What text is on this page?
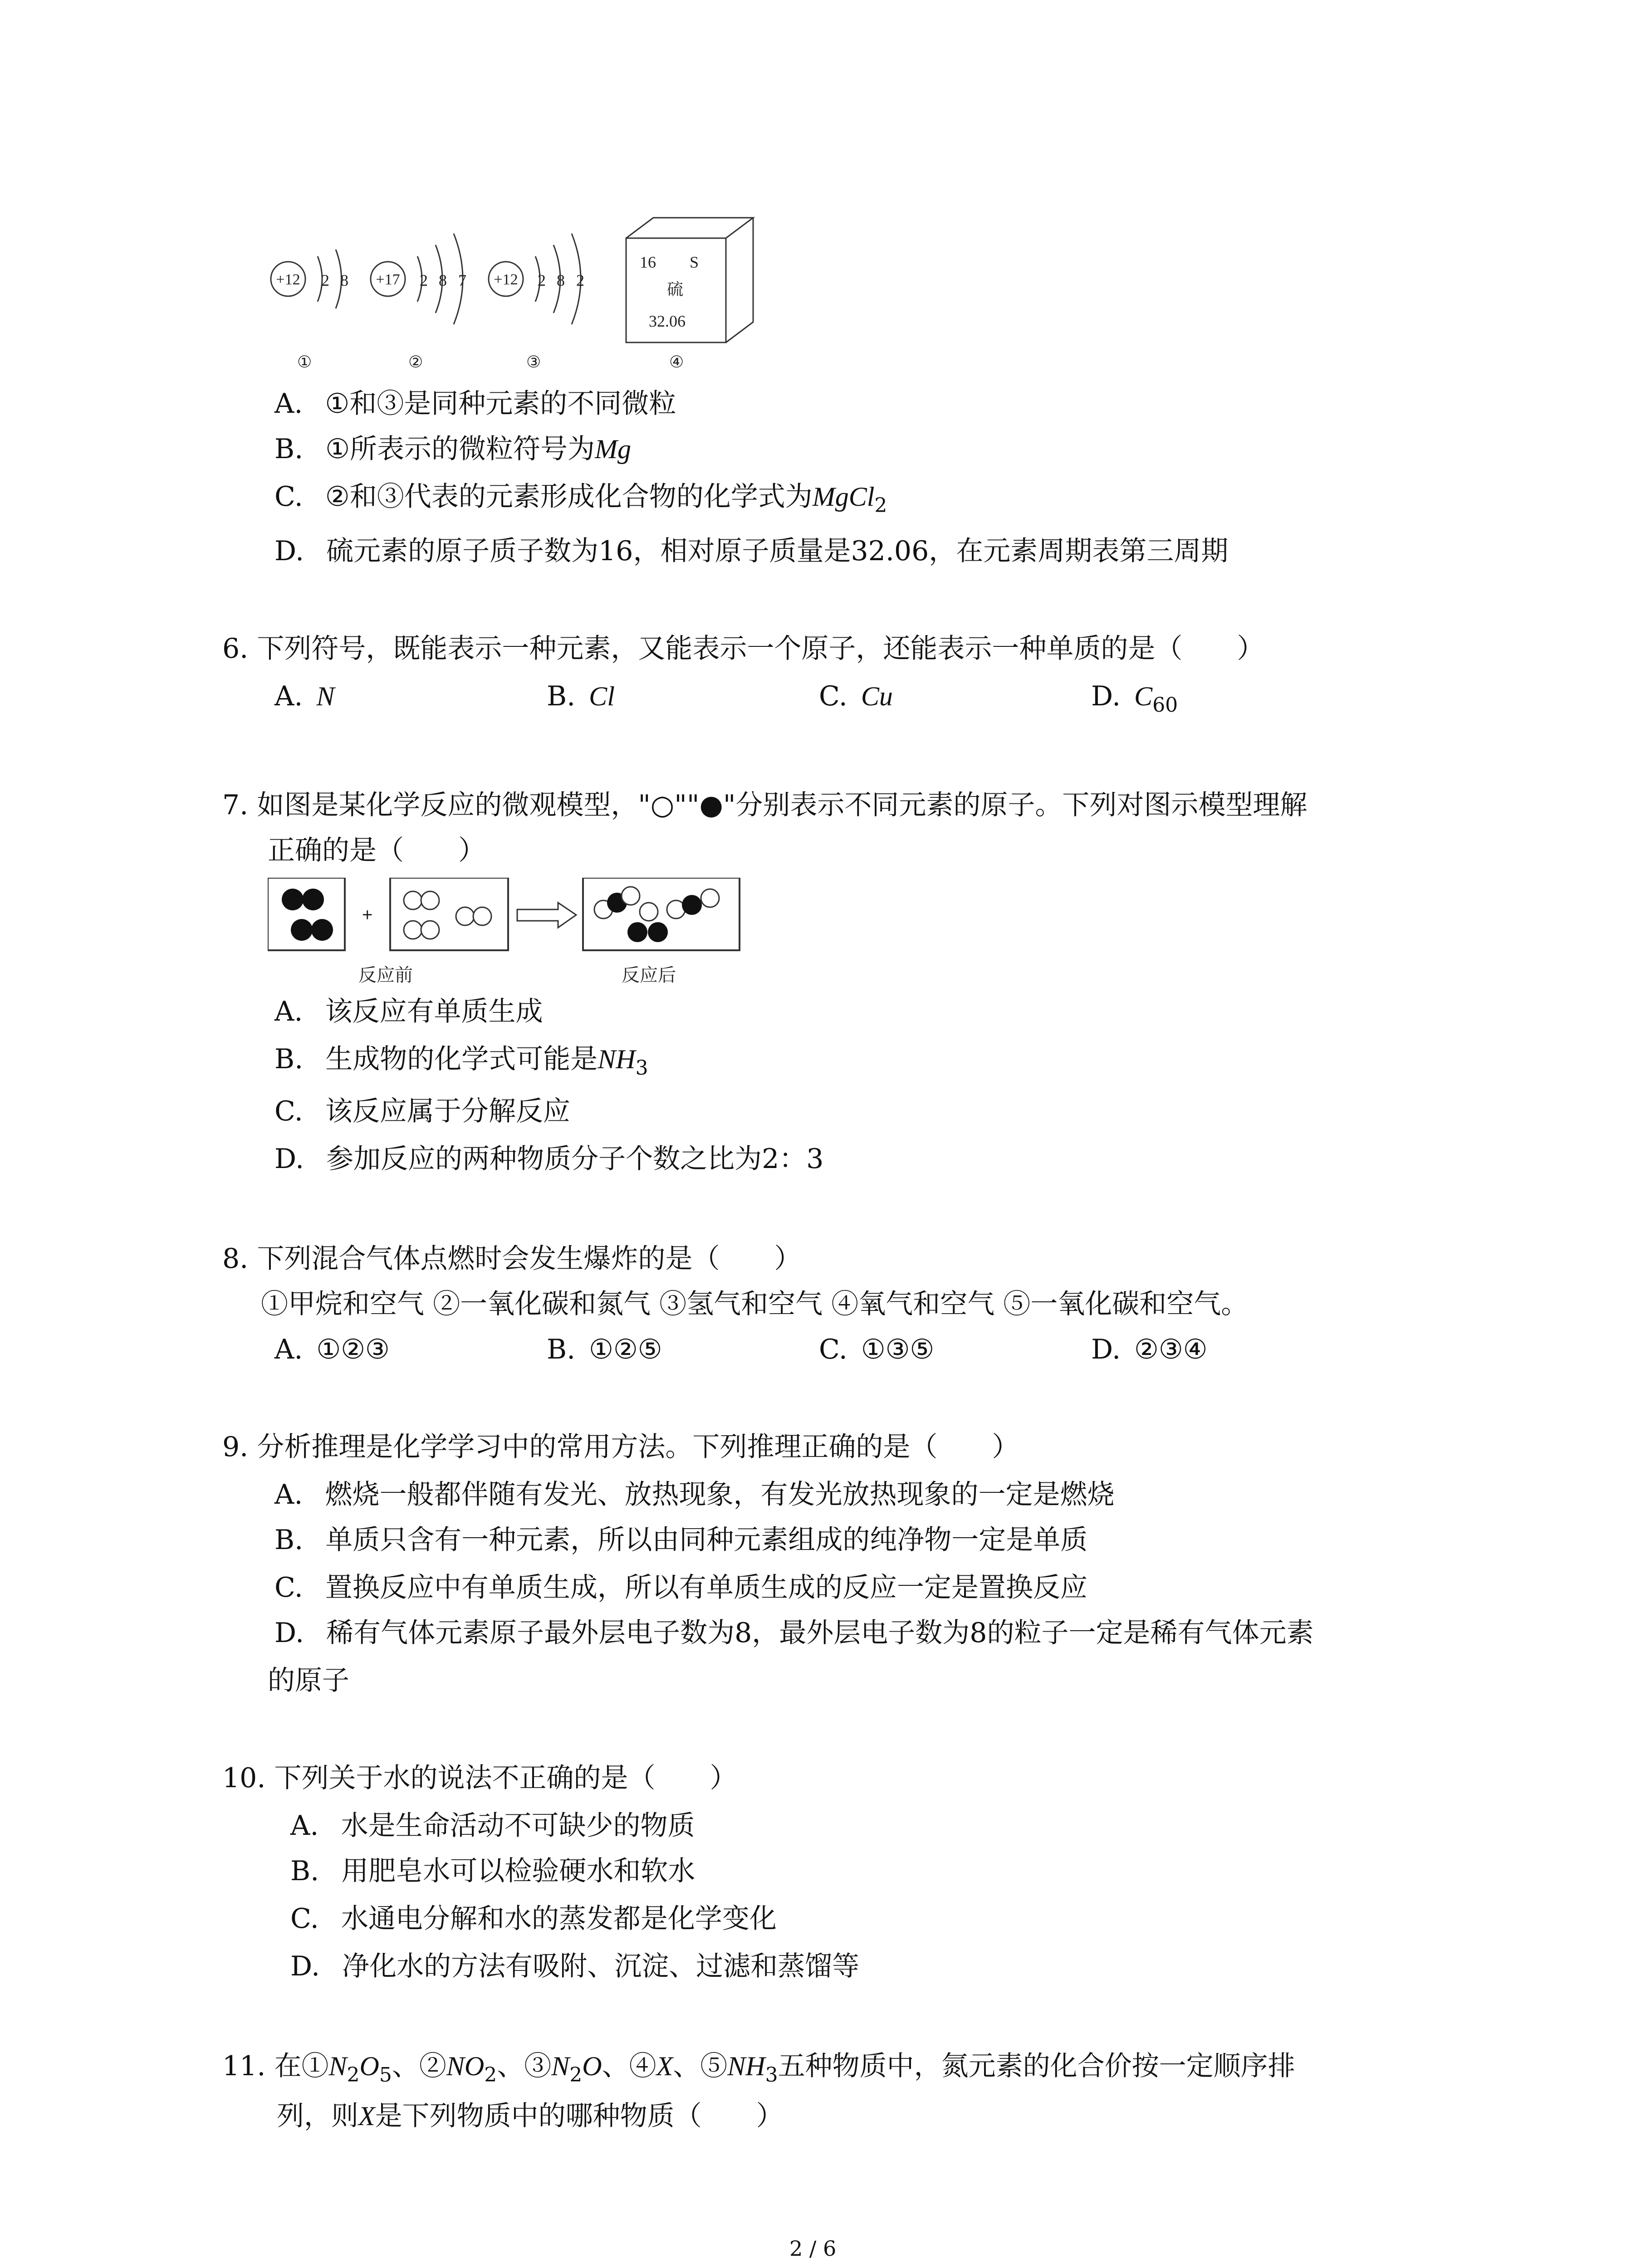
+12 2 8
①
+17 2 8 7
②
+12 2 8 2
③
16 S
硫
32.06
④
A. ①和③是同种元素的不同微粒
B. ①所表示的微粒符号为Mg
C. ②和③代表的元素形成化合物的化学式为MgCl$_2$
D. 硫元素的原子质子数为16，相对原子质量是32.06，在元素周期表第三周期
6. 下列符号，既能表示一种元素，又能表示一个原子，还能表示一种单质的是（　　）
A. N	B. Cl	C. Cu	D. $C_{60}$
7. 如图是某化学反应的微观模型，"○""●"分别表示不同元素的原子。下列对图示模型理解
正确的是（　　）
+
反应前	反应后
A. 该反应有单质生成
B. 生成物的化学式可能是$NH_3$
C. 该反应属于分解反应
D. 参加反应的两种物质分子个数之比为2：3
8. 下列混合气体点燃时会发生爆炸的是（　　）
①甲烷和空气 ②一氧化碳和氮气 ③氢气和空气 ④氧气和空气 ⑤一氧化碳和空气。
A. ①②③	B. ①②⑤	C. ①③⑤	D. ②③④
9. 分析推理是化学学习中的常用方法。下列推理正确的是（　　）
A. 燃烧一般都伴随有发光、放热现象，有发光放热现象的一定是燃烧
B. 单质只含有一种元素，所以由同种元素组成的纯净物一定是单质
C. 置换反应中有单质生成，所以有单质生成的反应一定是置换反应
D. 稀有气体元素原子最外层电子数为8，最外层电子数为8的粒子一定是稀有气体元素
的原子
10. 下列关于水的说法不正确的是（　　）
A. 水是生命活动不可缺少的物质
B. 用肥皂水可以检验硬水和软水
C. 水通电分解和水的蒸发都是化学变化
D. 净化水的方法有吸附、沉淀、过滤和蒸馏等
11. 在$①N_2O_5$、$②NO_2$、$③N_2O$、④X、$⑤NH_3$五种物质中，氮元素的化合价按一定顺序排
列，则X是下列物质中的哪种物质（　　）
2 / 6
